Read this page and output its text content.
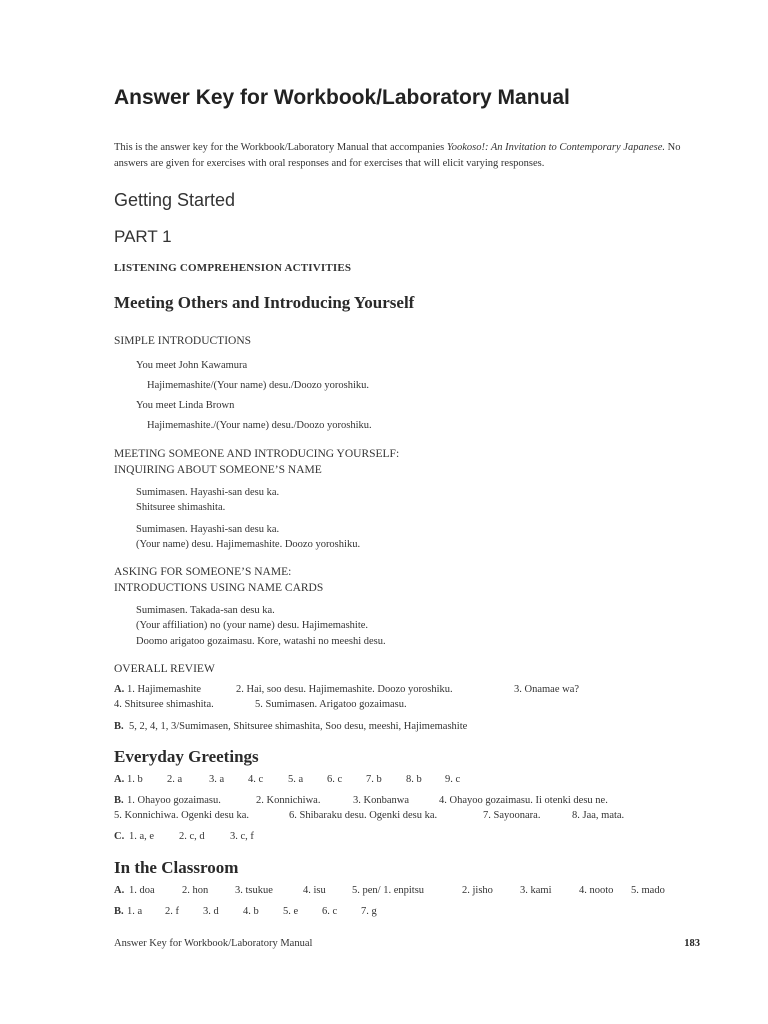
Answer Key for Workbook/Laboratory Manual
This is the answer key for the Workbook/Laboratory Manual that accompanies Yookoso!: An Invitation to Contemporary Japanese. No answers are given for exercises with oral responses and for exercises that will elicit varying responses.
Getting Started
PART 1
LISTENING COMPREHENSION ACTIVITIES
Meeting Others and Introducing Yourself
SIMPLE INTRODUCTIONS
You meet John Kawamura
Hajimemashite/(Your name) desu./Doozo yoroshiku.
You meet Linda Brown
Hajimemashite./(Your name) desu./Doozo yoroshiku.
MEETING SOMEONE AND INTRODUCING YOURSELF:
INQUIRING ABOUT SOMEONE’S NAME
Sumimasen. Hayashi-san desu ka.
Shitsuree shimashita.
Sumimasen. Hayashi-san desu ka.
(Your name) desu. Hajimemashite. Doozo yoroshiku.
ASKING FOR SOMEONE’S NAME:
INTRODUCTIONS USING NAME CARDS
Sumimasen. Takada-san desu ka.
(Your affiliation) no (your name) desu. Hajimemashite.
Doomo arigatoo gozaimasu. Kore, watashi no meeshi desu.
OVERALL REVIEW
A. 1. Hajimemashite	2. Hai, soo desu. Hajimemashite. Doozo yoroshiku.	3. Onamae wa?
4. Shitsuree shimashita.	5. Sumimasen. Arigatoo gozaimasu.
B. 5, 2, 4, 1, 3/Sumimasen, Shitsuree shimashita, Soo desu, meeshi, Hajimemashite
Everyday Greetings
A. 1. b 2. a	3. a 4. c 5. a 6. c 7. b 8. b 9. c
B. 1. Ohayoo gozaimasu.	2. Konnichiwa.	3. Konbanwa	4. Ohayoo gozaimasu. Ii otenki desu ne.
5. Konnichiwa. Ogenki desu ka.	6. Shibaraku desu. Ogenki desu ka.	7. Sayoonara.	8. Jaa, mata.
C. 1. a, e 2. c, d 3. c, f
In the Classroom
A. 1. doa	2. hon	3. tsukue	4. isu 5. pen/ 1. enpitsu	2. jisho	3. kami	4. nooto 5. mado
B. 1. a 2. f 3. d 4. b 5. e 6. c 7. g
Answer Key for Workbook/Laboratory Manual	183
